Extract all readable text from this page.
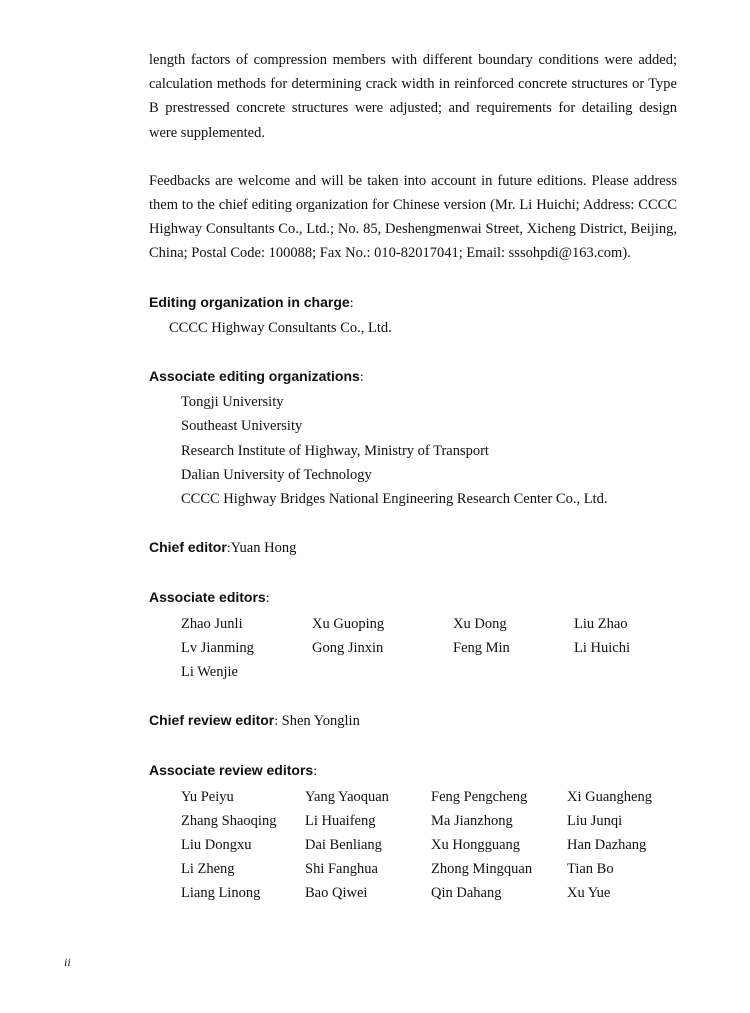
length factors of compression members with different boundary conditions were added; calculation methods for determining crack width in reinforced concrete structures or Type B prestressed concrete structures were adjusted; and requirements for detailing design were supplemented.

Feedbacks are welcome and will be taken into account in future editions. Please address them to the chief editing organization for Chinese version (Mr. Li Huichi; Address: CCCC Highway Consultants Co., Ltd.; No. 85, Deshengmenwai Street, Xicheng District, Beijing, China; Postal Code: 100088; Fax No.: 010-82017041; Email: sssohpdi@163.com).

Editing organization in charge:
CCCC Highway Consultants Co., Ltd.
Associate editing organizations:
Tongji University
Southeast University
Research Institute of Highway, Ministry of Transport
Dalian University of Technology
CCCC Highway Bridges National Engineering Research Center Co., Ltd.
Chief editor:Yuan Hong
Associate editors:
Zhao Junli	Xu Guoping	Xu Dong	Liu Zhao
Lv Jianming	Gong Jinxin	Feng Min	Li Huichi
Li Wenjie
Chief review editor: Shen Yonglin
Associate review editors:
Yu Peiyu	Yang Yaoquan	Feng Pengcheng	Xi Guangheng
Zhang Shaoqing	Li Huaifeng	Ma Jianzhong	Liu Junqi
Liu Dongxu	Dai Benliang	Xu Hongguang	Han Dazhang
Li Zheng	Shi Fanghua	Zhong Mingquan	Tian Bo
Liang Linong	Bao Qiwei	Qin Dahang	Xu Yue
ii
